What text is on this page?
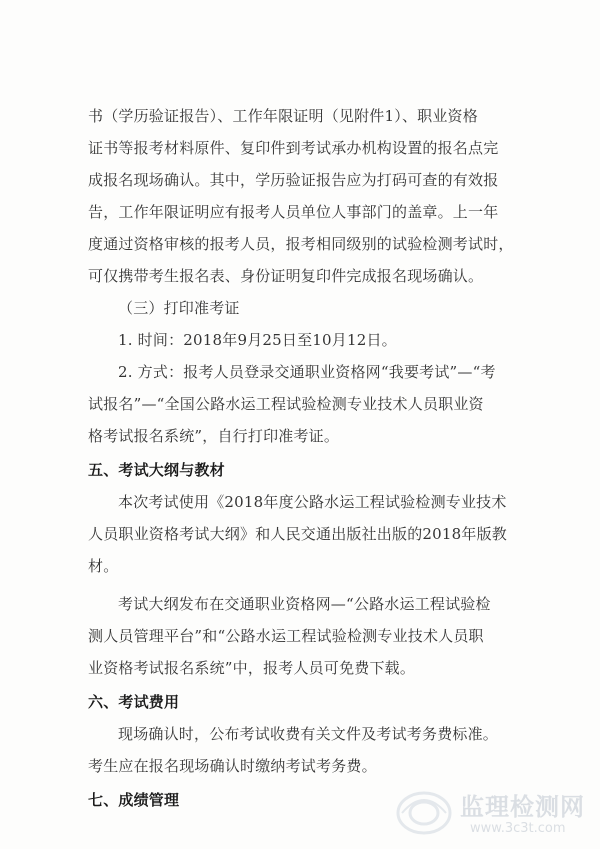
书（学历验证报告）、工作年限证明（见附件1）、职业资格

证书等报考材料原件、复印件到考试承办机构设置的报名点完

成报名现场确认。其中，学历验证报告应为打码可查的有效报

告，工作年限证明应有报考人员单位人事部门的盖章。上一年

度通过资格审核的报考人员，报考相同级别的试验检测考试时，

可仅携带考生报名表、身份证明复印件完成报名现场确认。

（三）打印准考证

1. 时间：2018年9月25日至10月12日。

2. 方式：报考人员登录交通职业资格网“我要考试”—“考

试报名”—“全国公路水运工程试验检测专业技术人员职业资

格考试报名系统”，自行打印准考证。

五、考试大纲与教材

本次考试使用《2018年度公路水运工程试验检测专业技术

人员职业资格考试大纲》和人民交通出版社出版的2018年版教

材。

考试大纲发布在交通职业资格网—“公路水运工程试验检

测人员管理平台”和“公路水运工程试验检测专业技术人员职

业资格考试报名系统”中，报考人员可免费下载。

六、考试费用

现场确认时，公布考试收费有关文件及考试考务费标准。

考生应在报名现场确认时缴纳考试考务费。

七、成绩管理	监理检测网
www.3c3t.com
